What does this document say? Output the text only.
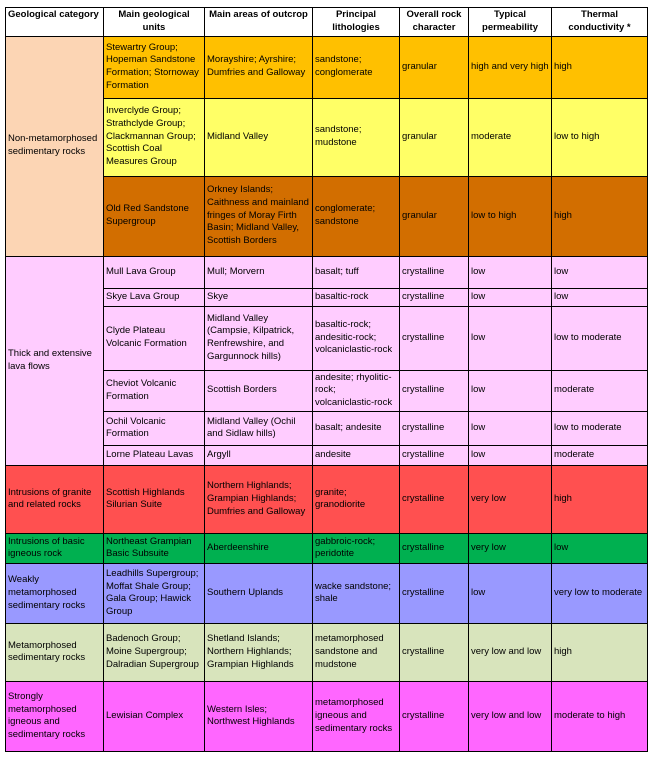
Geological category	Main geological units	Main areas of outcrop	Principal lithologies	Overall rock character	Typical permeability	Thermal conductivity *
Non-metamorphosed sedimentary rocks	Stewartry Group; Hopeman Sandstone Formation; Stornoway Formation	Morayshire; Ayrshire; Dumfries and Galloway	sandstone; conglomerate	granular	high and very high	high
	Inverclyde Group; Strathclyde Group; Clackmannan Group; Scottish Coal Measures Group	Midland Valley	sandstone; mudstone	granular	moderate	low to high
	Old Red Sandstone Supergroup	Orkney Islands; Caithness and mainland fringes of Moray Firth Basin; Midland Valley, Scottish Borders	conglomerate; sandstone	granular	low to high	high
Thick and extensive lava flows	Mull Lava Group	Mull; Morvern	basalt; tuff	crystalline	low	low
	Skye Lava Group	Skye	basaltic-rock	crystalline	low	low
	Clyde Plateau Volcanic Formation	Midland Valley (Campsie, Kilpatrick, Renfrewshire, and Gargunnock hills)	basaltic-rock; andesitic-rock; volcaniclastic-rock	crystalline	low	low to moderate
	Cheviot Volcanic Formation	Scottish Borders	andesite; rhyolitic-rock; volcaniclastic-rock	crystalline	low	moderate
	Ochil Volcanic Formation	Midland Valley (Ochil and Sidlaw hills)	basalt; andesite	crystalline	low	low to moderate
	Lorne Plateau Lavas	Argyll	andesite	crystalline	low	moderate
Intrusions of granite and related rocks	Scottish Highlands Silurian Suite	Northern Highlands; Grampian Highlands; Dumfries and Galloway	granite; granodiorite	crystalline	very low	high
Intrusions of basic igneous rock	Northeast Grampian Basic Subsuite	Aberdeenshire	gabbroic-rock; peridotite	crystalline	very low	low
Weakly metamorphosed sedimentary rocks	Leadhills Supergroup; Moffat Shale Group; Gala Group; Hawick Group	Southern Uplands	wacke sandstone; shale	crystalline	low	very low to moderate
Metamorphosed sedimentary rocks	Badenoch Group; Moine Supergroup; Dalradian Supergroup	Shetland Islands; Northern Highlands; Grampian Highlands	metamorphosed sandstone and mudstone	crystalline	very low and low	high
Strongly metamorphosed igneous and sedimentary rocks	Lewisian Complex	Western Isles; Northwest Highlands	metamorphosed igneous and sedimentary rocks	crystalline	very low and low	moderate to high
